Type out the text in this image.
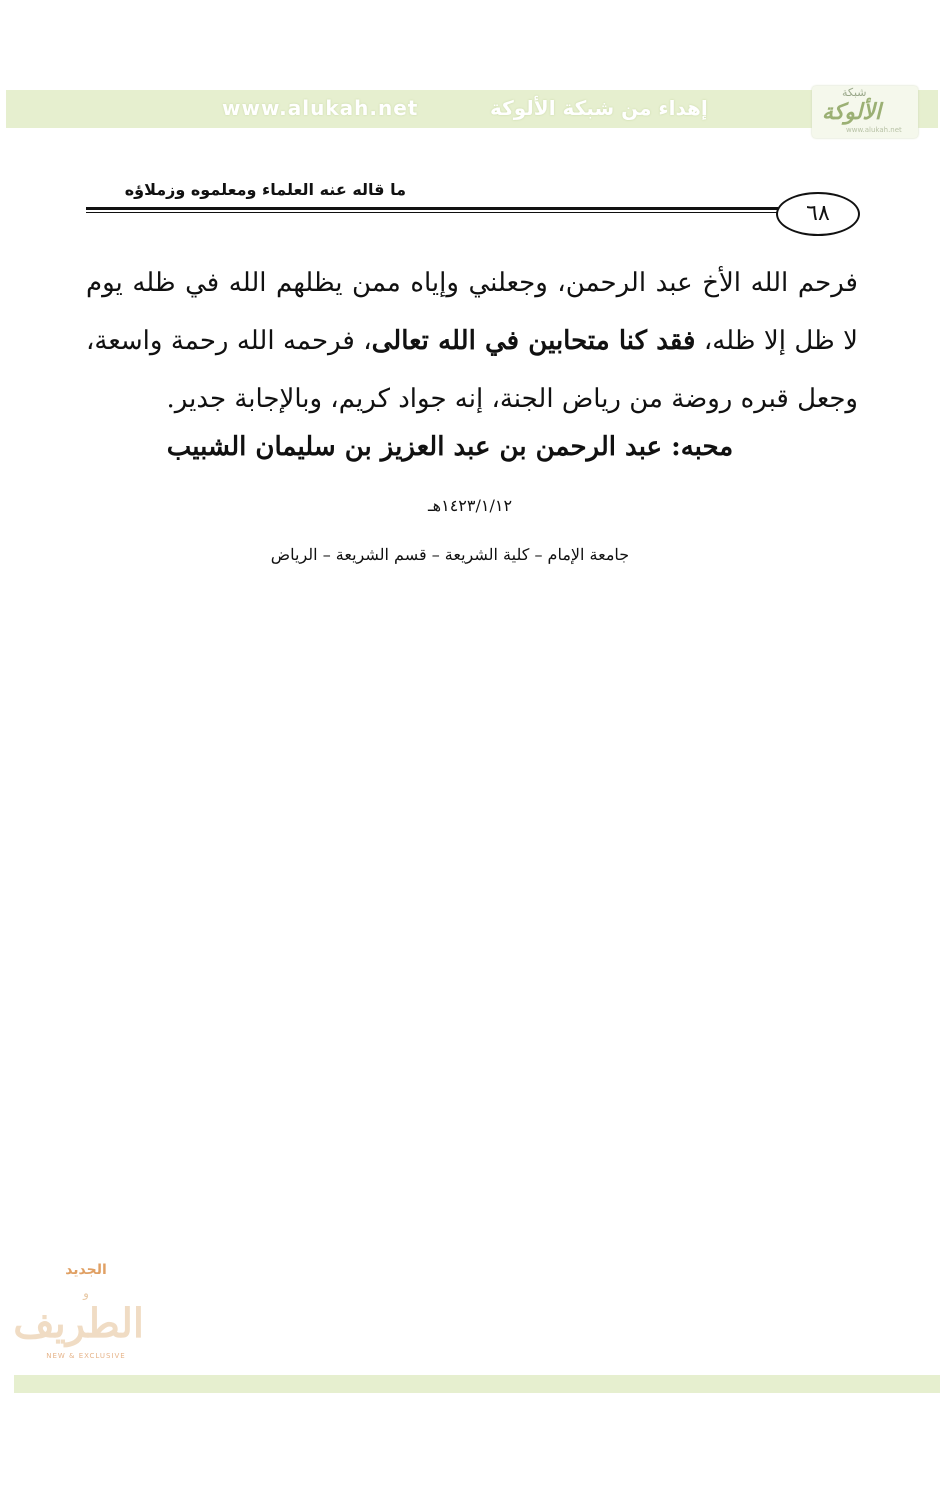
www.alukah.net	إهداء من شبكة الألوكة
شبكة
الألوكة
www.alukah.net
ما قاله عنه العلماء ومعلموه وزملاؤه
٦٨
فرحم الله الأخ عبد الرحمن، وجعلني وإياه ممن يظلهم الله في ظله يوم لا ظل إلا ظله، فقد كنا متحابين في الله تعالى، فرحمه الله رحمة واسعة، وجعل قبره روضة من رياض الجنة، إنه جواد كريم، وبالإجابة جدير.
محبه: عبد الرحمن بن عبد العزيز بن سليمان الشبيب
١٤٢٣/١/١٢هـ
جامعة الإمام – كلية الشريعة – قسم الشريعة – الرياض
الجديد
و
الطريف
NEW & EXCLUSIVE
